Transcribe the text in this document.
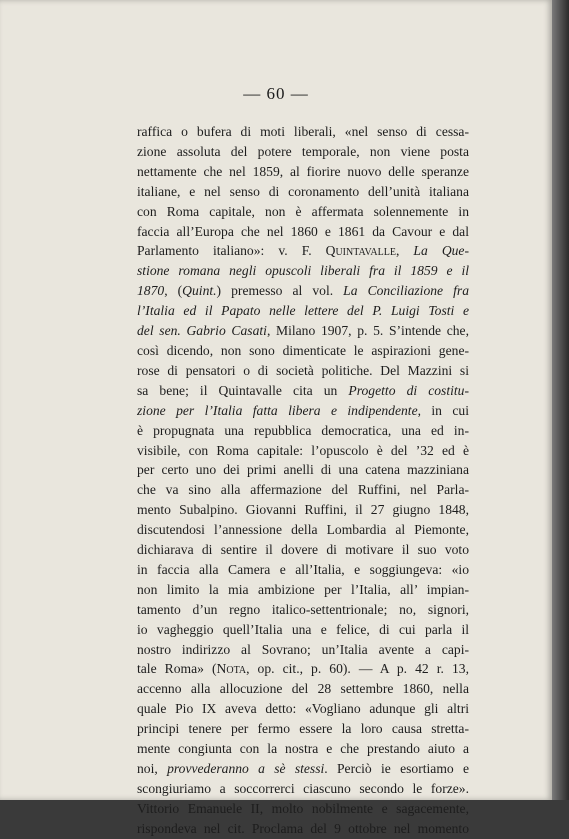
— 60 —
raffica o bufera di moti liberali, «nel senso di cessa-
zione assoluta del potere temporale, non viene posta
nettamente che nel 1859, al fiorire nuovo delle speranze
italiane, e nel senso di coronamento dell’unità italiana
con Roma capitale, non è affermata solennemente in
faccia all’Europa che nel 1860 e 1861 da Cavour e dal
Parlamento italiano»: v. F. Quintavalle, La Que-
stione romana negli opuscoli liberali fra il 1859 e il
1870, (Quint.) premesso al vol. La Conciliazione fra
l’Italia ed il Papato nelle lettere del P. Luigi Tosti e
del sen. Gabrio Casati, Milano 1907, p. 5. S’intende che,
così dicendo, non sono dimenticate le aspirazioni gene-
rose di pensatori o di società politiche. Del Mazzini si
sa bene; il Quintavalle cita un Progetto di costitu-
zione per l’Italia fatta libera e indipendente, in cui
è propugnata una repubblica democratica, una ed in-
visibile, con Roma capitale: l’opuscolo è del ’32 ed è
per certo uno dei primi anelli di una catena mazziniana
che va sino alla affermazione del Ruffini, nel Parla-
mento Subalpino. Giovanni Ruffini, il 27 giugno 1848,
discutendosi l’annessione della Lombardia al Piemonte,
dichiarava di sentire il dovere di motivare il suo voto
in faccia alla Camera e all’Italia, e soggiungeva: «io
non limito la mia ambizione per l’Italia, all’ impian-
tamento d’un regno italico-settentrionale; no, signori,
io vagheggio quell’Italia una e felice, di cui parla il
nostro indirizzo al Sovrano; un’Italia avente a capi-
tale Roma» (Nota, op. cit., p. 60). — A p. 42 r. 13,
accenno alla allocuzione del 28 settembre 1860, nella
quale Pio IX aveva detto: «Vogliano adunque gli altri
principi tenere per fermo essere la loro causa stretta-
mente congiunta con la nostra e che prestando aiuto a
noi, provvederanno a sè stessi. Perciò ie esortiamo e
scongiuriamo a soccorrerci ciascuno secondo le forze».
Vittorio Emanuele II, molto nobilmente e sagacemente,
rispondeva nel cit. Proclama del 9 ottobre nel momento
